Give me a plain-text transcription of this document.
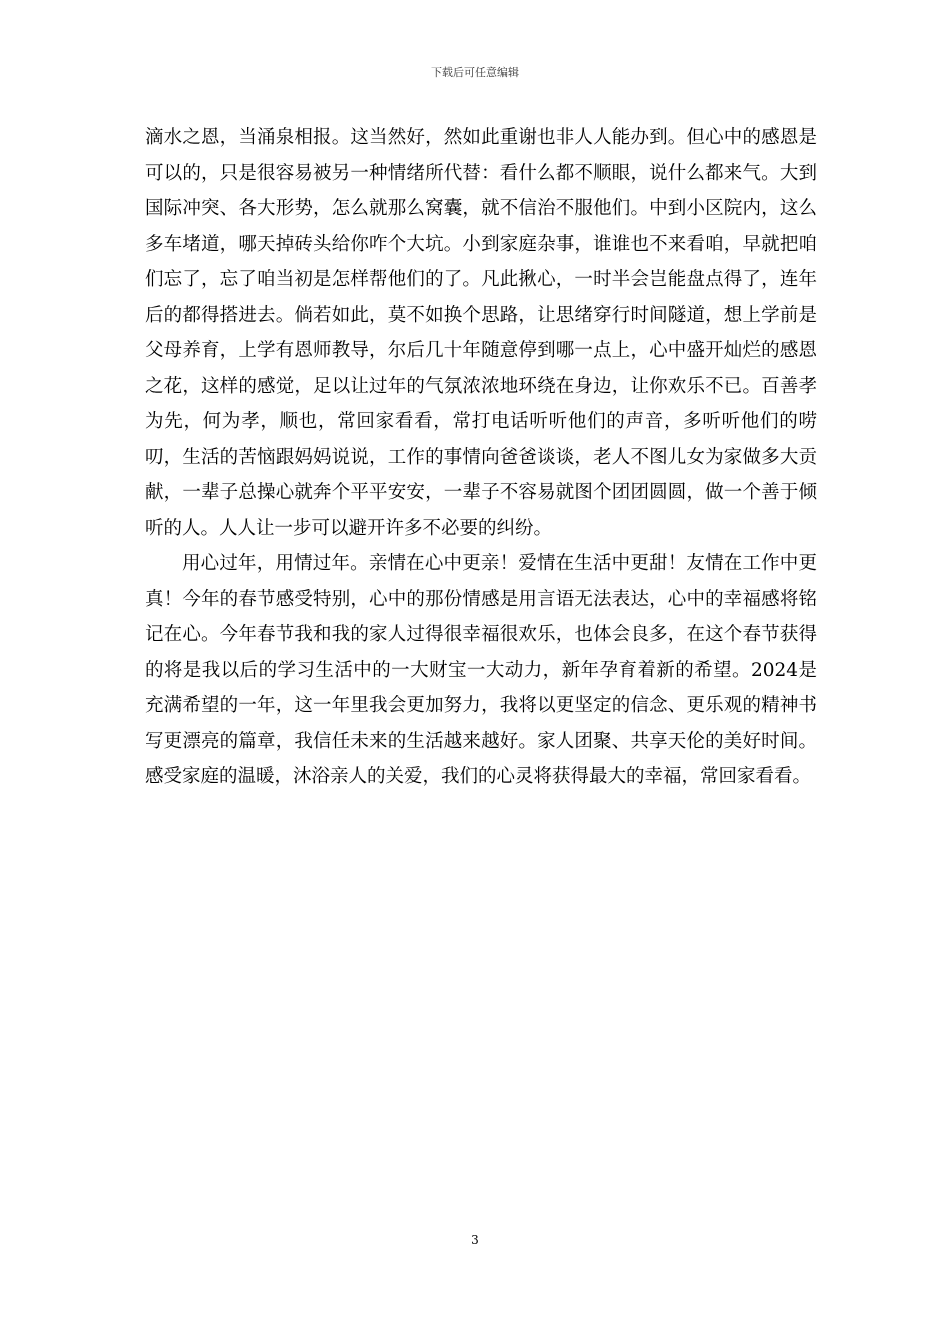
下载后可任意编辑

滴水之恩，当涌泉相报。这当然好，然如此重谢也非人人能办到。但心中的感恩是可以的，只是很容易被另一种情绪所代替：看什么都不顺眼，说什么都来气。大到国际冲突、各大形势，怎么就那么窝囊，就不信治不服他们。中到小区院内，这么多车堵道，哪天掉砖头给你咋个大坑。小到家庭杂事，谁谁也不来看咱，早就把咱们忘了，忘了咱当初是怎样帮他们的了。凡此揪心，一时半会岂能盘点得了，连年后的都得搭进去。倘若如此，莫不如换个思路，让思绪穿行时间隧道，想上学前是父母养育，上学有恩师教导，尔后几十年随意停到哪一点上，心中盛开灿烂的感恩之花，这样的感觉，足以让过年的气氛浓浓地环绕在身边，让你欢乐不已。百善孝为先，何为孝，顺也，常回家看看，常打电话听听他们的声音，多听听他们的唠叨，生活的苦恼跟妈妈说说，工作的事情向爸爸谈谈，老人不图儿女为家做多大贡献，一辈子总操心就奔个平平安安，一辈子不容易就图个团团圆圆，做一个善于倾听的人。人人让一步可以避开许多不必要的纠纷。

用心过年，用情过年。亲情在心中更亲！爱情在生活中更甜！友情在工作中更真！今年的春节感受特别，心中的那份情感是用言语无法表达，心中的幸福感将铭记在心。今年春节我和我的家人过得很幸福很欢乐，也体会良多，在这个春节获得的将是我以后的学习生活中的一大财宝一大动力，新年孕育着新的希望。2024是充满希望的一年，这一年里我会更加努力，我将以更坚定的信念、更乐观的精神书写更漂亮的篇章，我信任未来的生活越来越好。家人团聚、共享天伦的美好时间。感受家庭的温暖，沐浴亲人的关爱，我们的心灵将获得最大的幸福，常回家看看。

3
